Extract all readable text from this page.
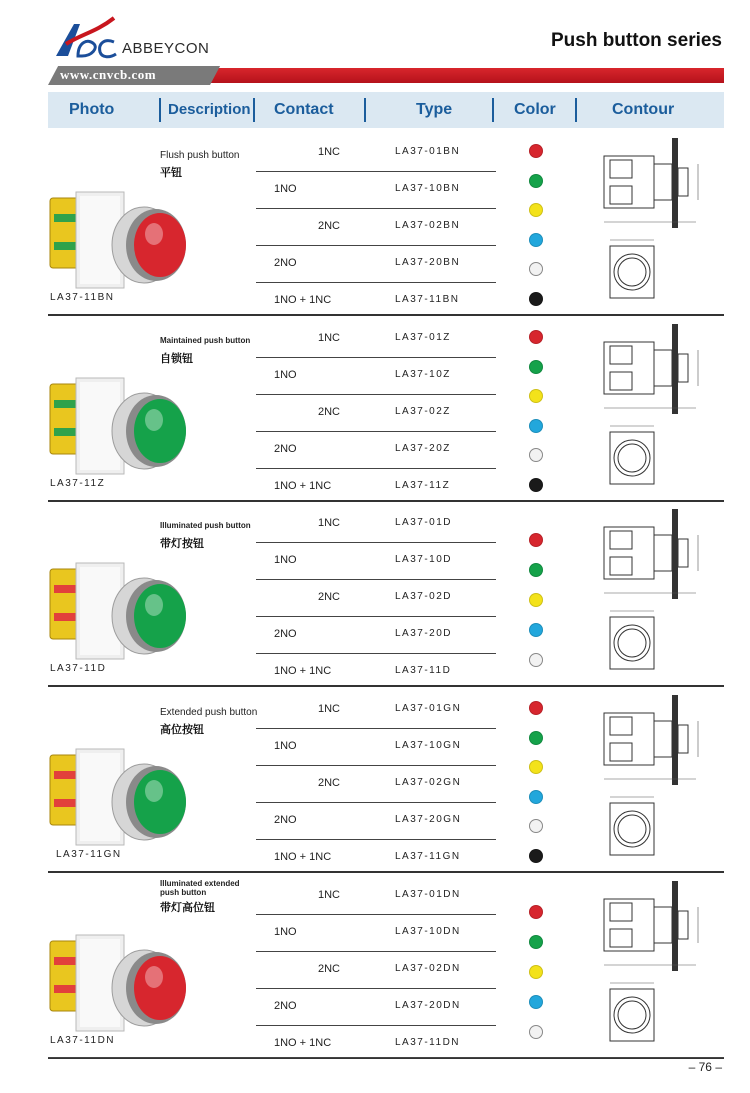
ABBEYCON	Push button series
www.cnvcb.com
Photo	Description Contact	Type	Color	Contour
Flush push button
平钮
LA37-11BN
1NC	LA37-01BN
1NO	LA37-10BN
2NC	LA37-02BN
2NO	LA37-20BN
1NO + 1NC	LA37-11BN
Maintained push button
自锁钮
LA37-11Z
1NC	LA37-01Z
1NO	LA37-10Z
2NC	LA37-02Z
2NO	LA37-20Z
1NO + 1NC	LA37-11Z
Illuminated push button
带灯按钮
LA37-11D
1NC	LA37-01D
1NO	LA37-10D
2NC	LA37-02D
2NO	LA37-20D
1NO + 1NC	LA37-11D
Extended push button
高位按钮
LA37-11GN
1NC	LA37-01GN
1NO	LA37-10GN
2NC	LA37-02GN
2NO	LA37-20GN
1NO + 1NC	LA37-11GN
Illuminated extended push button
带灯高位钮
LA37-11DN
1NC	LA37-01DN
1NO	LA37-10DN
2NC	LA37-02DN
2NO	LA37-20DN
1NO + 1NC	LA37-11DN
– 76 –
